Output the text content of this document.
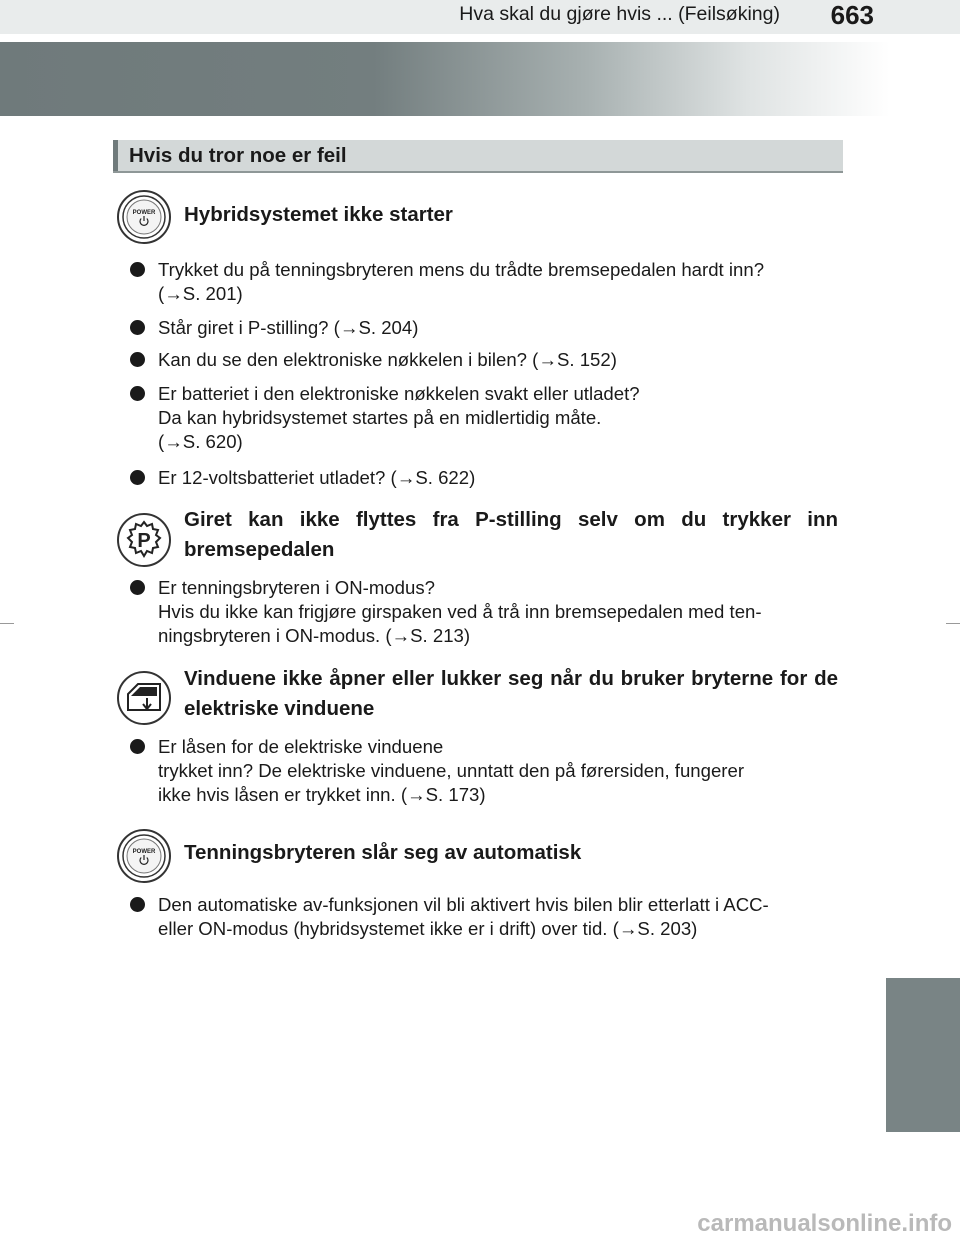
Hva skal du gjøre hvis ... (Feilsøking) 663
Hvis du tror noe er feil
POWER Hybridsystemet ikke starter
Trykket du på tenningsbryteren mens du trådte bremsepedalen hardt inn?
(→S. 201)
Står giret i P-stilling? (→S. 204)
Kan du se den elektroniske nøkkelen i bilen? (→S. 152)
Er batteriet i den elektroniske nøkkelen svakt eller utladet?
Da kan hybridsystemet startes på en midlertidig måte.
(→S. 620)
Er 12-voltsbatteriet utladet? (→S. 622)
P
Giret kan ikke flyttes fra P-stilling selv om du trykker inn bremsepedalen
Er tenningsbryteren i ON-modus?
Hvis du ikke kan frigjøre girspaken ved å trå inn bremsepedalen med ten-
ningsbryteren i ON-modus. (→S. 213)
Vinduene ikke åpner eller lukker seg når du bruker bryterne for de elektriske vinduene
Er låsen for de elektriske vinduene
trykket inn? De elektriske vinduene, unntatt den på førersiden, fungerer
ikke hvis låsen er trykket inn. (→S. 173)
POWER Tenningsbryteren slår seg av automatisk
Den automatiske av-funksjonen vil bli aktivert hvis bilen blir etterlatt i ACC-
eller ON-modus (hybridsystemet ikke er i drift) over tid. (→S. 203)
carmanualsonline.info
